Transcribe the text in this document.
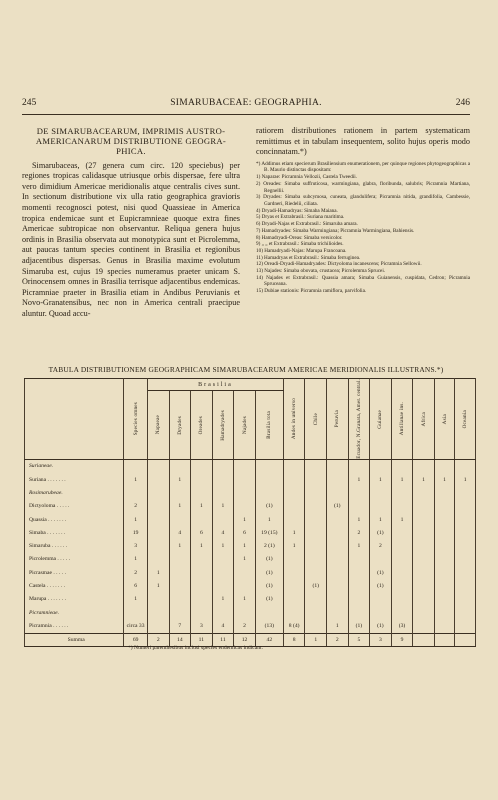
245	SIMARUBACEAE: GEOGRAPHIA.	246
DE SIMARUBACEARUM, IMPRIMIS AUSTRO-
AMERICANARUM DISTRIBUTIONE GEOGRA-
PHICA.

Simarubaceas, (27 genera cum circ. 120 speciebus) per regiones tropicas calidasque utriusque orbis dispersae, fere ultra vero dimidium Americae meridionalis atque centralis cives sunt. In sectionum distributione vix ulla ratio geographica gravioris momenti recognosci potest, nisi quod Quassieae in America tropica endemicae sunt et Eupicramnieae quoque extra fines Americae subtropicae non observantur. Reliqua genera hujus ordinis in Brasilia observata aut monotypica sunt et Picrolemma, aut paucas tantum species continent in Brasilia et regionibus adjacentibus dispersas. Genus in Brasilia maxime evolutum Simaruba est, cujus 19 species numeramus praeter unicam S. Orinocensem omnes in Brasilia terrisque adjacentibus endemicas. Picramniae praeter in Brasilia etiam in Andibus Peruvianis et Novo-Granatensibus, nec non in America centrali praecipue aluntur. Quoad accu-

ratiorem distributiones rationem in partem systematicam remittimus et in tabulam insequentem, solito hujus operis modo concinnatam.*)

*) Addimus etiam specierum Brasiliensium enumerationem, per quinque regiones phytogeographicas a B. Maurio distinctas dispositam:

1) Naparae: Picramnia Vellozii, Castela Tweedii.

2) Oreades: Simaba suffruticosa, warmingiana, glabra, floribunda, salubris; Picramnia Martiana, Regnellii.

3) Dryades: Simaba subcymosa, cuneata, glandulifera; Picramnia nitida, grandifolia, Cambessie, Gardneri, Riedelii, ciliata.

4) Dryadi-Hamadryas: Simaba Maiana.

5) Dryas et Extrabrasil.: Suriana maritima.

6) Dryadi-Najas et Extrabrasil.: Simaruba amara.

7) Hamadryades: Simaba Warmingiana; Picramnia Warmingiana, Bahiensis.

8) Hamadryadi-Oreas: Simaba versicolor.

9) „ „ et Extrabrasil.: Simaba trichilioides.

10) Hamadryadi-Najas: Marupa Francoana.

11) Hamadryas et Extrabrasil.: Simaba ferruginea.

12) Oreadi-Dryadi-Hamadryades: Dictyoloma incanescens; Picramnia Sellowii.

13) Najades: Simaba obovata, crustacea; Picrolemma Sprucei.

14) Najades et Extrabrasil.: Quassia amara; Simaba Guianensis, cuspidata, Cedron; Picramnia Spruceana.

15) Dubiae stationis: Picramnia ramiflora, parvifolia.

TABULA DISTRIBUTIONEM GEOGRAPHICAM SIMARUBACEARUM AMERICAE MERIDIONALIS ILLUSTRANS.*)

	Species omnes	Brasilia						Andes in universo	Chile	Peruvia	Ecuador, N.Granata, Amer. central.	Guianae	Antillanae ins.	Africa	Asia	Oceania

		Napaeae	Dryades	Oreades	Hamadryades	Najades	Brasilia tota									

Surianeae.																
Suriana . . . . . . .	1		1								1	1	1	1	1	1
Rosimarubeae.																
Dictyoloma . . . . .	2		1	1	1		(1)			(1)						
Quassia . . . . . . .	1					1	1				1	1	1			
Simaba . . . . . . .	19		4	6	4	6	19 (15)	1			2	(1)				
Simaruba . . . . . .	3		1	1	1	1	2 (1)	1			1	2				
Picrolemma . . . . .	1					1	(1)									
Picrasmae . . . . .	2	1					(1)					(1)				
Castela . . . . . . .	6	1					(1)		(1)			(1)				
Marupa . . . . . . .	1				1	1	(1)									
Picramnieae.																
Picramnia . . . . . .	circa 33		7	3	4	2	(13)	8 (4)		1	(1)	(1)	(3)			
Summa	69	2	14	11	11	12	42	8	1	2	5	3	9			
*) Numeri parenthesibus inclusi species endemicas indicant.
